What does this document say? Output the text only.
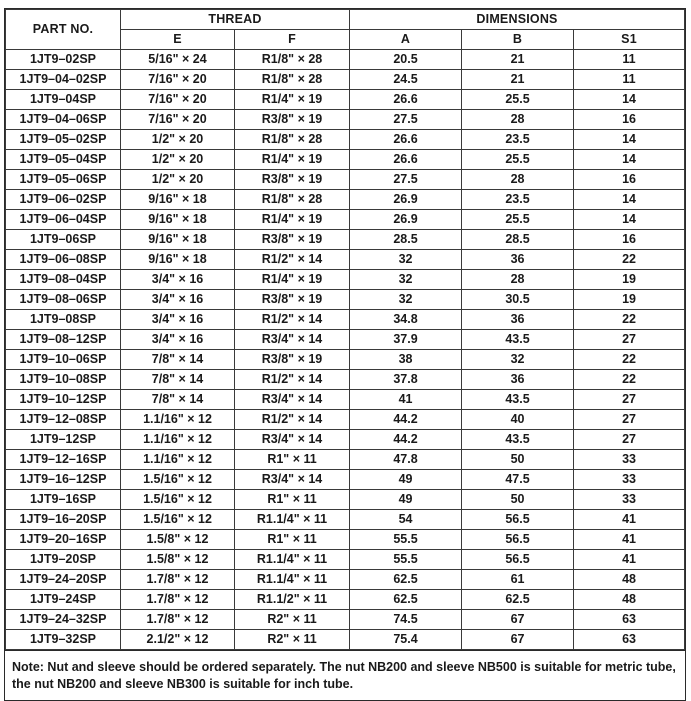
PART NO.	THREAD		DIMENSIONS		
	E	F	A	B	S1
1JT9–02SP	5/16" × 24	R1/8" × 28	20.5	21	11
1JT9–04–02SP	7/16" × 20	R1/8" × 28	24.5	21	11
1JT9–04SP	7/16" × 20	R1/4" × 19	26.6	25.5	14
1JT9–04–06SP	7/16" × 20	R3/8" × 19	27.5	28	16
1JT9–05–02SP	1/2" × 20	R1/8" × 28	26.6	23.5	14
1JT9–05–04SP	1/2" × 20	R1/4" × 19	26.6	25.5	14
1JT9–05–06SP	1/2" × 20	R3/8" × 19	27.5	28	16
1JT9–06–02SP	9/16" × 18	R1/8" × 28	26.9	23.5	14
1JT9–06–04SP	9/16" × 18	R1/4" × 19	26.9	25.5	14
1JT9–06SP	9/16" × 18	R3/8" × 19	28.5	28.5	16
1JT9–06–08SP	9/16" × 18	R1/2" × 14	32	36	22
1JT9–08–04SP	3/4" × 16	R1/4" × 19	32	28	19
1JT9–08–06SP	3/4" × 16	R3/8" × 19	32	30.5	19
1JT9–08SP	3/4" × 16	R1/2" × 14	34.8	36	22
1JT9–08–12SP	3/4" × 16	R3/4" × 14	37.9	43.5	27
1JT9–10–06SP	7/8" × 14	R3/8" × 19	38	32	22
1JT9–10–08SP	7/8" × 14	R1/2" × 14	37.8	36	22
1JT9–10–12SP	7/8" × 14	R3/4" × 14	41	43.5	27
1JT9–12–08SP	1.1/16" × 12	R1/2" × 14	44.2	40	27
1JT9–12SP	1.1/16" × 12	R3/4" × 14	44.2	43.5	27
1JT9–12–16SP	1.1/16" × 12	R1" × 11	47.8	50	33
1JT9–16–12SP	1.5/16" × 12	R3/4" × 14	49	47.5	33
1JT9–16SP	1.5/16" × 12	R1" × 11	49	50	33
1JT9–16–20SP	1.5/16" × 12	R1.1/4" × 11	54	56.5	41
1JT9–20–16SP	1.5/8" × 12	R1" × 11	55.5	56.5	41
1JT9–20SP	1.5/8" × 12	R1.1/4" × 11	55.5	56.5	41
1JT9–24–20SP	1.7/8" × 12	R1.1/4" × 11	62.5	61	48
1JT9–24SP	1.7/8" × 12	R1.1/2" × 11	62.5	62.5	48
1JT9–24–32SP	1.7/8" × 12	R2" × 11	74.5	67	63
1JT9–32SP	2.1/2" × 12	R2" × 11	75.4	67	63
Note: Nut and sleeve should be ordered separately. The nut NB200 and sleeve NB500 is suitable for metric tube, the nut NB200 and sleeve NB300 is suitable for inch tube.
